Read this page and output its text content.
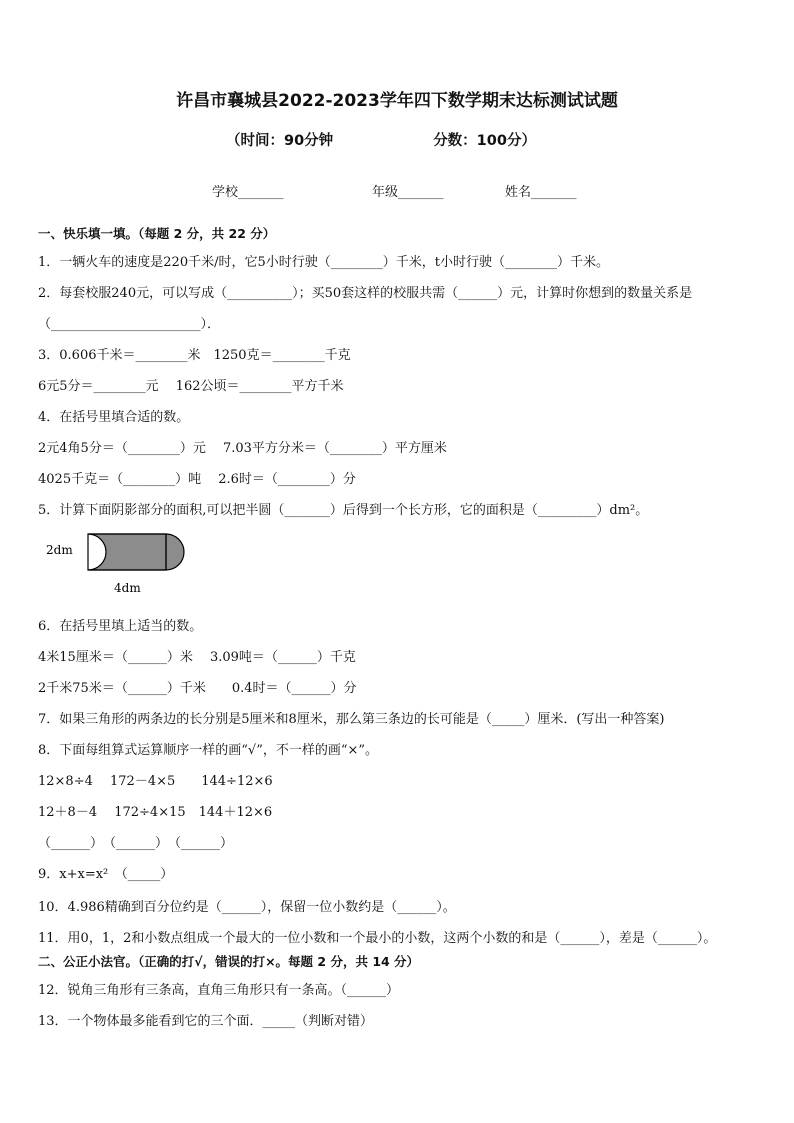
许昌市襄城县2022-2023学年四下数学期末达标测试试题
（时间：90分钟	分数：100分）
学校_______	年级_______	姓名_______
一、快乐填一填。（每题 2 分，共 22 分）
1．一辆火车的速度是220千米/时，它5小时行驶（________）千米，t小时行驶（________）千米。
2．每套校服240元，可以写成（__________）；买50套这样的校服共需（______）元，计算时你想到的数量关系是
（_______________________）．
3．0.606千米＝________米　1250克＝________千克
6元5分＝________元　 162公顷＝________平方千米
4．在括号里填合适的数。
2元4角5分＝（________）元　 7.03平方分米＝（________）平方厘米
4025千克＝（________）吨　 2.6时＝（________）分
5．计算下面阴影部分的面积,可以把半圆（_______）后得到一个长方形，它的面积是（_________）dm²。
2dm
4dm
6．在括号里填上适当的数。
4米15厘米＝（______）米　 3.09吨＝（______）千克
2千米75米＝（______）千米　　0.4时＝（______）分
7．如果三角形的两条边的长分别是5厘米和8厘米，那么第三条边的长可能是（_____）厘米．(写出一种答案)
8．下面每组算式运算顺序一样的画“√”，不一样的画“×”。
12×8÷4　 172－4×5　　144÷12×6
12＋8－4　 172÷4×15　144＋12×6
（______）　（______）　（______）
9．x+x=x²　（_____）
10．4.986精确到百分位约是（______），保留一位小数约是（______）。
11．用0，1，2和小数点组成一个最大的一位小数和一个最小的小数，这两个小数的和是（______），差是（______）。
二、公正小法官。（正确的打√，错误的打×。每题 2 分，共 14 分）
12．锐角三角形有三条高，直角三角形只有一条高。（______）
13．一个物体最多能看到它的三个面．_____（判断对错）
